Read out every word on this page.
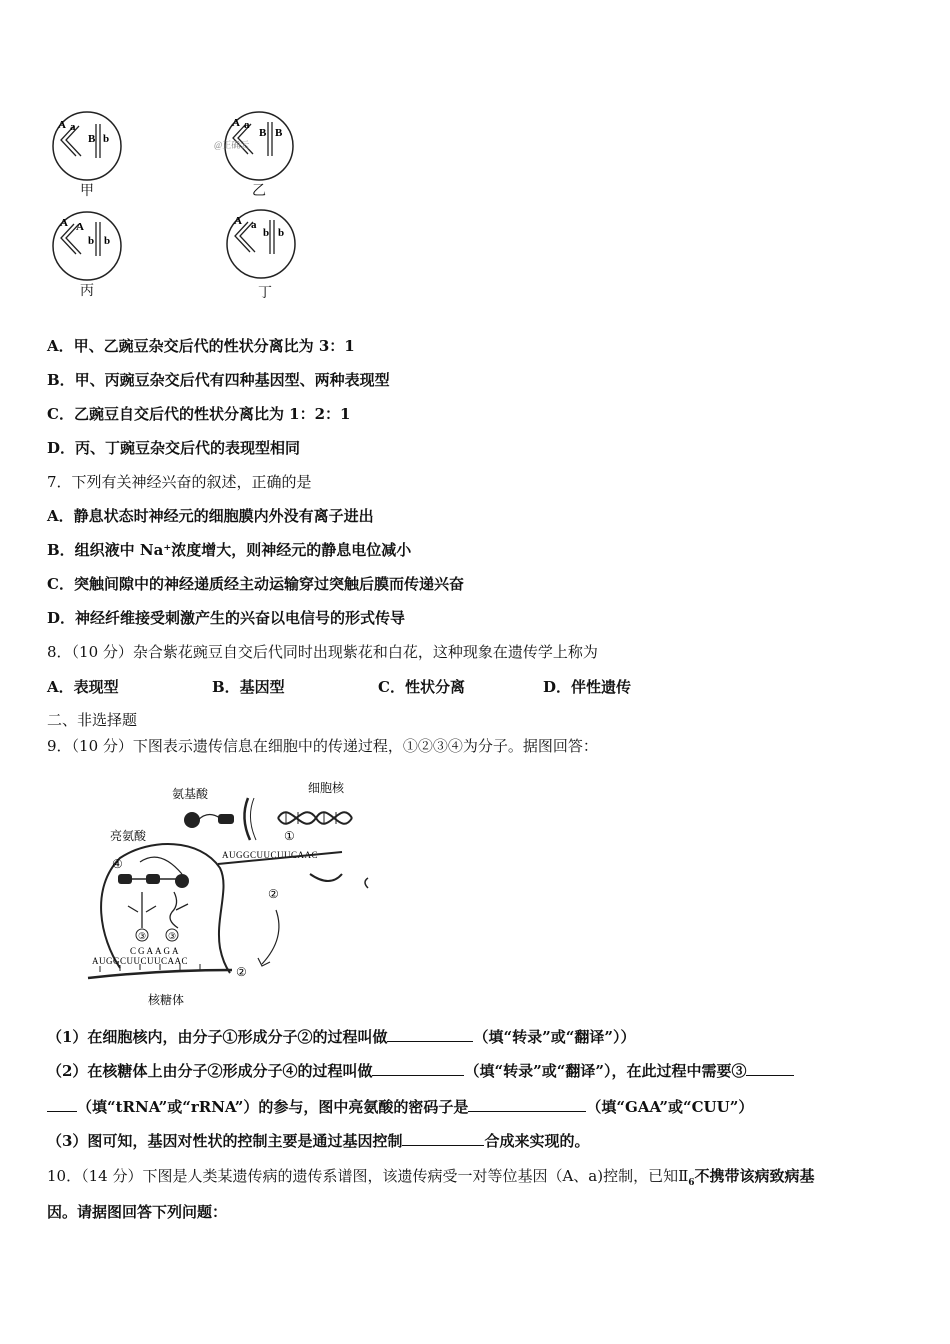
A a
B b
甲
A a
B B
@正确云
乙
A A
b b
丙
A a
b b
丁
A．甲、乙豌豆杂交后代的性状分离比为 3：1
B．甲、丙豌豆杂交后代有四种基因型、两种表现型
C．乙豌豆自交后代的性状分离比为 1：2：1
D．丙、丁豌豆杂交后代的表现型相同
7．下列有关神经兴奋的叙述，正确的是
A．静息状态时神经元的细胞膜内外没有离子进出
B．组织液中 Na⁺浓度增大，则神经元的静息电位减小
C．突触间隙中的神经递质经主动运输穿过突触后膜而传递兴奋
D．神经纤维接受刺激产生的兴奋以电信号的形式传导
8．（10 分）杂合紫花豌豆自交后代同时出现紫花和白花，这种现象在遗传学上称为
A．表现型	B．基因型	C．性状分离	D．伴性遗传
二、非选择题
9．（10 分）下图表示遗传信息在细胞中的传递过程，①②③④为分子。据图回答：
氨基酸	细胞核
亮氨酸
核糖体
①
AUGGCUUCUUCAAC
②
④
③ ③
CGAAGA
AUGGCUUCUUCAAC
②
（1）在细胞核内，由分子①形成分子②的过程叫做	（填“转录”或“翻译”））
（2）在核糖体上由分子②形成分子④的过程叫做	（填“转录”或“翻译”），在此过程中需要③
（填“tRNA”或“rRNA”）的参与，图中亮氨酸的密码子是	（填“GAA”或“CUU”）
（3）图可知，基因对性状的控制主要是通过基因控制	合成来实现的。
10．（14 分）下图是人类某遗传病的遗传系谱图，该遗传病受一对等位基因（A、a)控制，已知$Ⅱ_6$不携带该病致病基
因。请据图回答下列问题：
